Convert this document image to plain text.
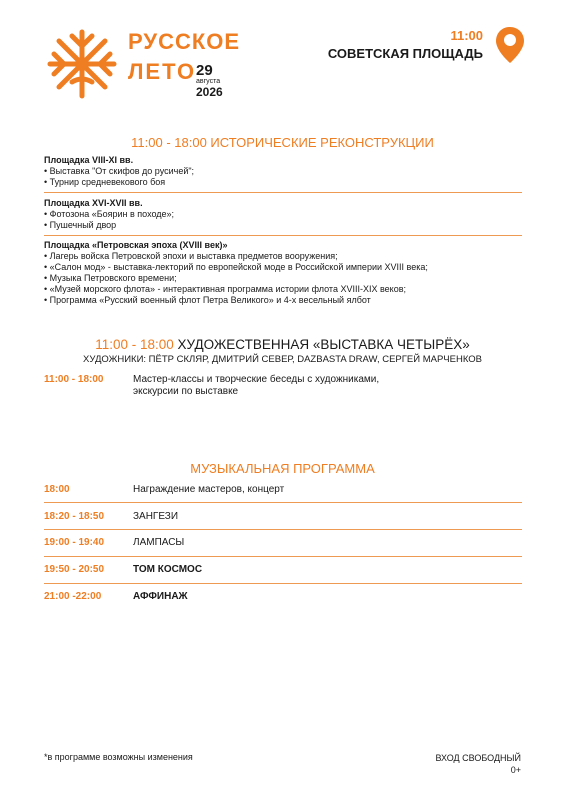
РУССКОЕ
ЛЕТО 29
августа
2026
11:00
СОВЕТСКАЯ ПЛОЩАДЬ
11:00 - 18:00 ИСТОРИЧЕСКИЕ РЕКОНСТРУКЦИИ
Площадка VIII-XI вв.
• Выставка "От скифов до русичей";
• Турнир средневекового боя
Площадка XVI-XVII вв.
• Фотозона «Боярин в походе»;
• Пушечный двор
Площадка «Петровская эпоха (XVIII век)»
• Лагерь войска Петровской эпохи и выставка предметов вооружения;
• «Салон мод» - выставка-лекторий по европейской моде в Российской империи XVIII века;
• Музыка Петровского времени;
• «Музей морского флота» - интерактивная программа истории флота XVIII-XIX веков;
• Программа «Русский военный флот Петра Великого» и 4-х весельный ялбот
11:00 - 18:00 ХУДОЖЕСТВЕННАЯ «ВЫСТАВКА ЧЕТЫРЁХ»
ХУДОЖНИКИ: ПЁТР СКЛЯР, ДМИТРИЙ СЕВЕР, DAZBASTA DRAW, СЕРГЕЙ МАРЧЕНКОВ
11:00 - 18:00	Мастер-классы и творческие беседы с художниками,
экскурсии по выставке
МУЗЫКАЛЬНАЯ ПРОГРАММА
18:00	Награждение мастеров, концерт
18:20 - 18:50	ЗАНГЕЗИ
19:00 - 19:40	ЛАМПАСЫ
19:50 - 20:50	ТОМ КОСМОС
21:00 -22:00	АФФИНАЖ
*в программе возможны изменения	ВХОД СВОБОДНЫЙ
0+
